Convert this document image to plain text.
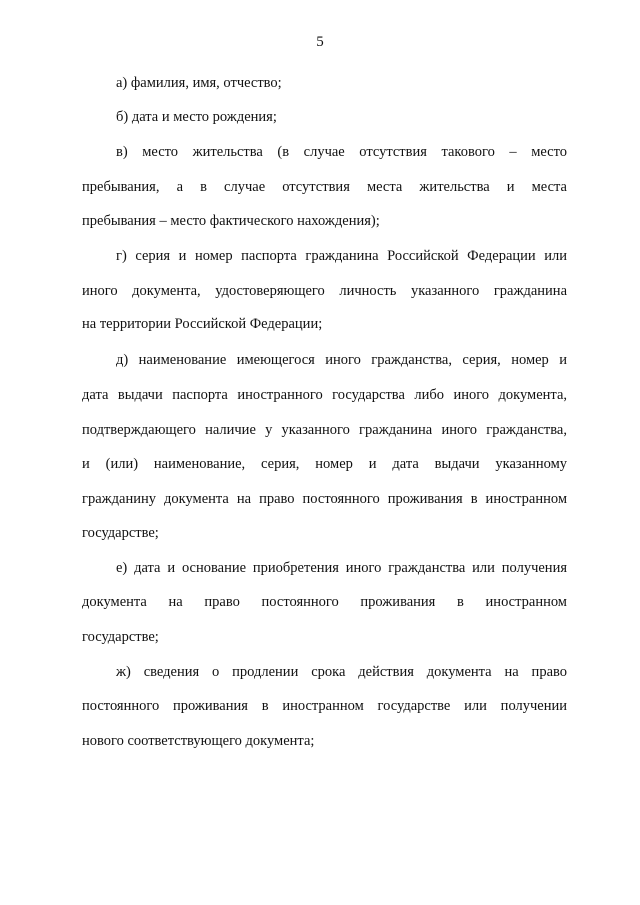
5
а) фамилия, имя, отчество;
б) дата и место рождения;
в) место жительства (в случае отсутствия такового – место
пребывания, а в случае отсутствия места жительства и места
пребывания – место фактического нахождения);
г) серия и номер паспорта гражданина Российской Федерации или
иного документа, удостоверяющего личность указанного гражданина
на территории Российской Федерации;
д) наименование имеющегося иного гражданства, серия, номер и
дата выдачи паспорта иностранного государства либо иного документа,
подтверждающего наличие у указанного гражданина иного гражданства,
и (или) наименование, серия, номер и дата выдачи указанному
гражданину документа на право постоянного проживания в иностранном
государстве;
е) дата и основание приобретения иного гражданства или получения
документа на право постоянного проживания в иностранном
государстве;
ж) сведения о продлении срока действия документа на право
постоянного проживания в иностранном государстве или получении
нового соответствующего документа;
